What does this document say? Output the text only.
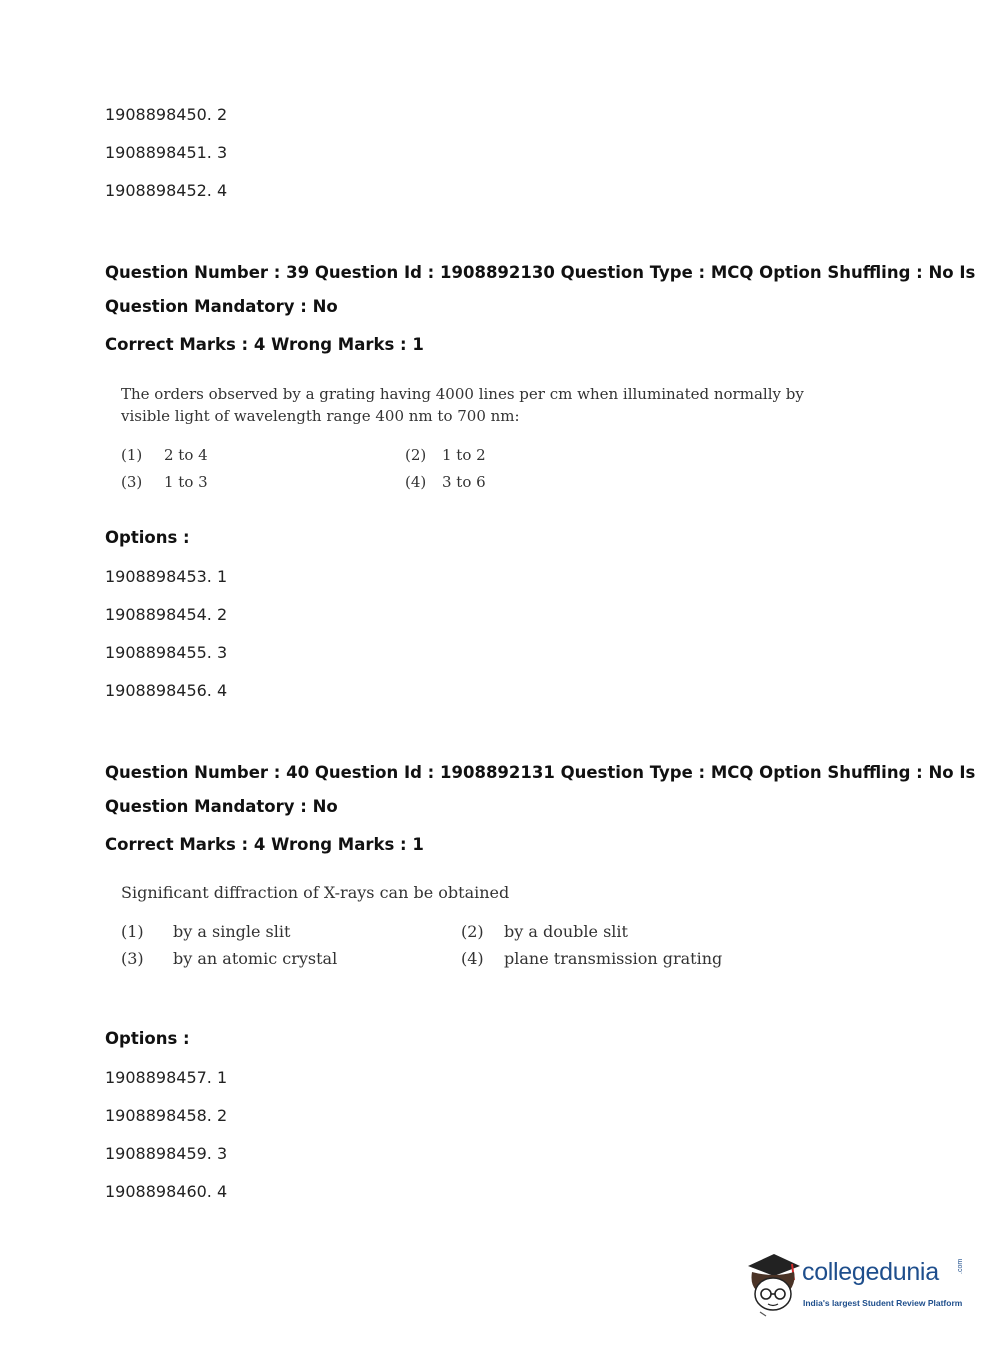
1908898450. 2
1908898451. 3
1908898452. 4
Question Number : 39 Question Id : 1908892130 Question Type : MCQ Option Shuffling : No Is
Question Mandatory : No
Correct Marks : 4 Wrong Marks : 1
The orders observed by a grating having 4000 lines per cm when illuminated normally by
visible light of wavelength range 400 nm to 700 nm:
(1) 2 to 4	(2) 1 to 2
(3) 1 to 3	(4) 3 to 6
Options :
1908898453. 1
1908898454. 2
1908898455. 3
1908898456. 4
Question Number : 40 Question Id : 1908892131 Question Type : MCQ Option Shuffling : No Is
Question Mandatory : No
Correct Marks : 4 Wrong Marks : 1
Significant diffraction of X-rays can be obtained
(1) by a single slit	(2) by a double slit
(3) by an atomic crystal	(4) plane transmission grating
Options :
1908898457. 1
1908898458. 2
1908898459. 3
1908898460. 4
collegedunia	.com
India's largest Student Review Platform
